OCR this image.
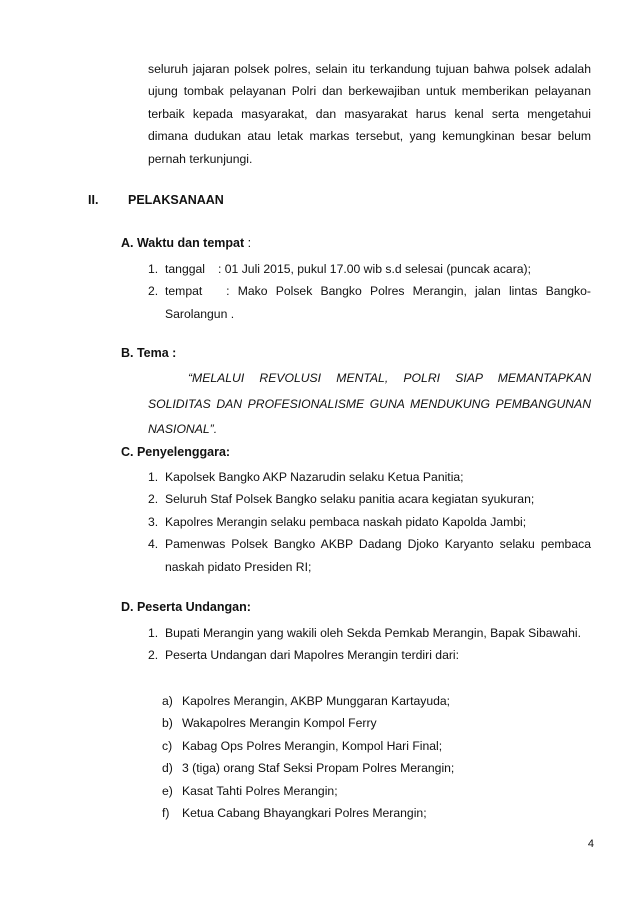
seluruh jajaran polsek polres, selain itu terkandung tujuan bahwa polsek adalah ujung tombak pelayanan Polri dan berkewajiban untuk memberikan pelayanan terbaik kepada masyarakat, dan masyarakat harus kenal serta mengetahui dimana dudukan atau letak markas tersebut, yang kemungkinan besar belum pernah terkunjungi.

II. PELAKSANAAN
A. Waktu dan tempat :
1. tanggal : 01 Juli 2015, pukul 17.00 wib s.d selesai (puncak acara);
2. tempat : Mako Polsek Bangko Polres Merangin, jalan lintas Bangko-Sarolangun .
B. Tema :

“MELALUI REVOLUSI MENTAL, POLRI SIAP MEMANTAPKAN SOLIDITAS DAN PROFESIONALISME GUNA MENDUKUNG PEMBANGUNAN NASIONAL”.

C. Penyelenggara:
1. Kapolsek Bangko AKP Nazarudin selaku Ketua Panitia;
2. Seluruh Staf Polsek Bangko selaku panitia acara kegiatan syukuran;
3. Kapolres Merangin selaku pembaca naskah pidato Kapolda Jambi;
4. Pamenwas Polsek Bangko AKBP Dadang Djoko Karyanto selaku pembaca naskah pidato Presiden RI;
D. Peserta Undangan:
1. Bupati Merangin yang wakili oleh Sekda Pemkab Merangin, Bapak Sibawahi.
2. Peserta Undangan dari Mapolres Merangin terdiri dari:
a) Kapolres Merangin, AKBP Munggaran Kartayuda;
b) Wakapolres Merangin Kompol Ferry
c) Kabag Ops Polres Merangin, Kompol Hari Final;
d) 3 (tiga) orang Staf Seksi Propam Polres Merangin;
e) Kasat Tahti Polres Merangin;
f) Ketua Cabang Bhayangkari Polres Merangin;
4
